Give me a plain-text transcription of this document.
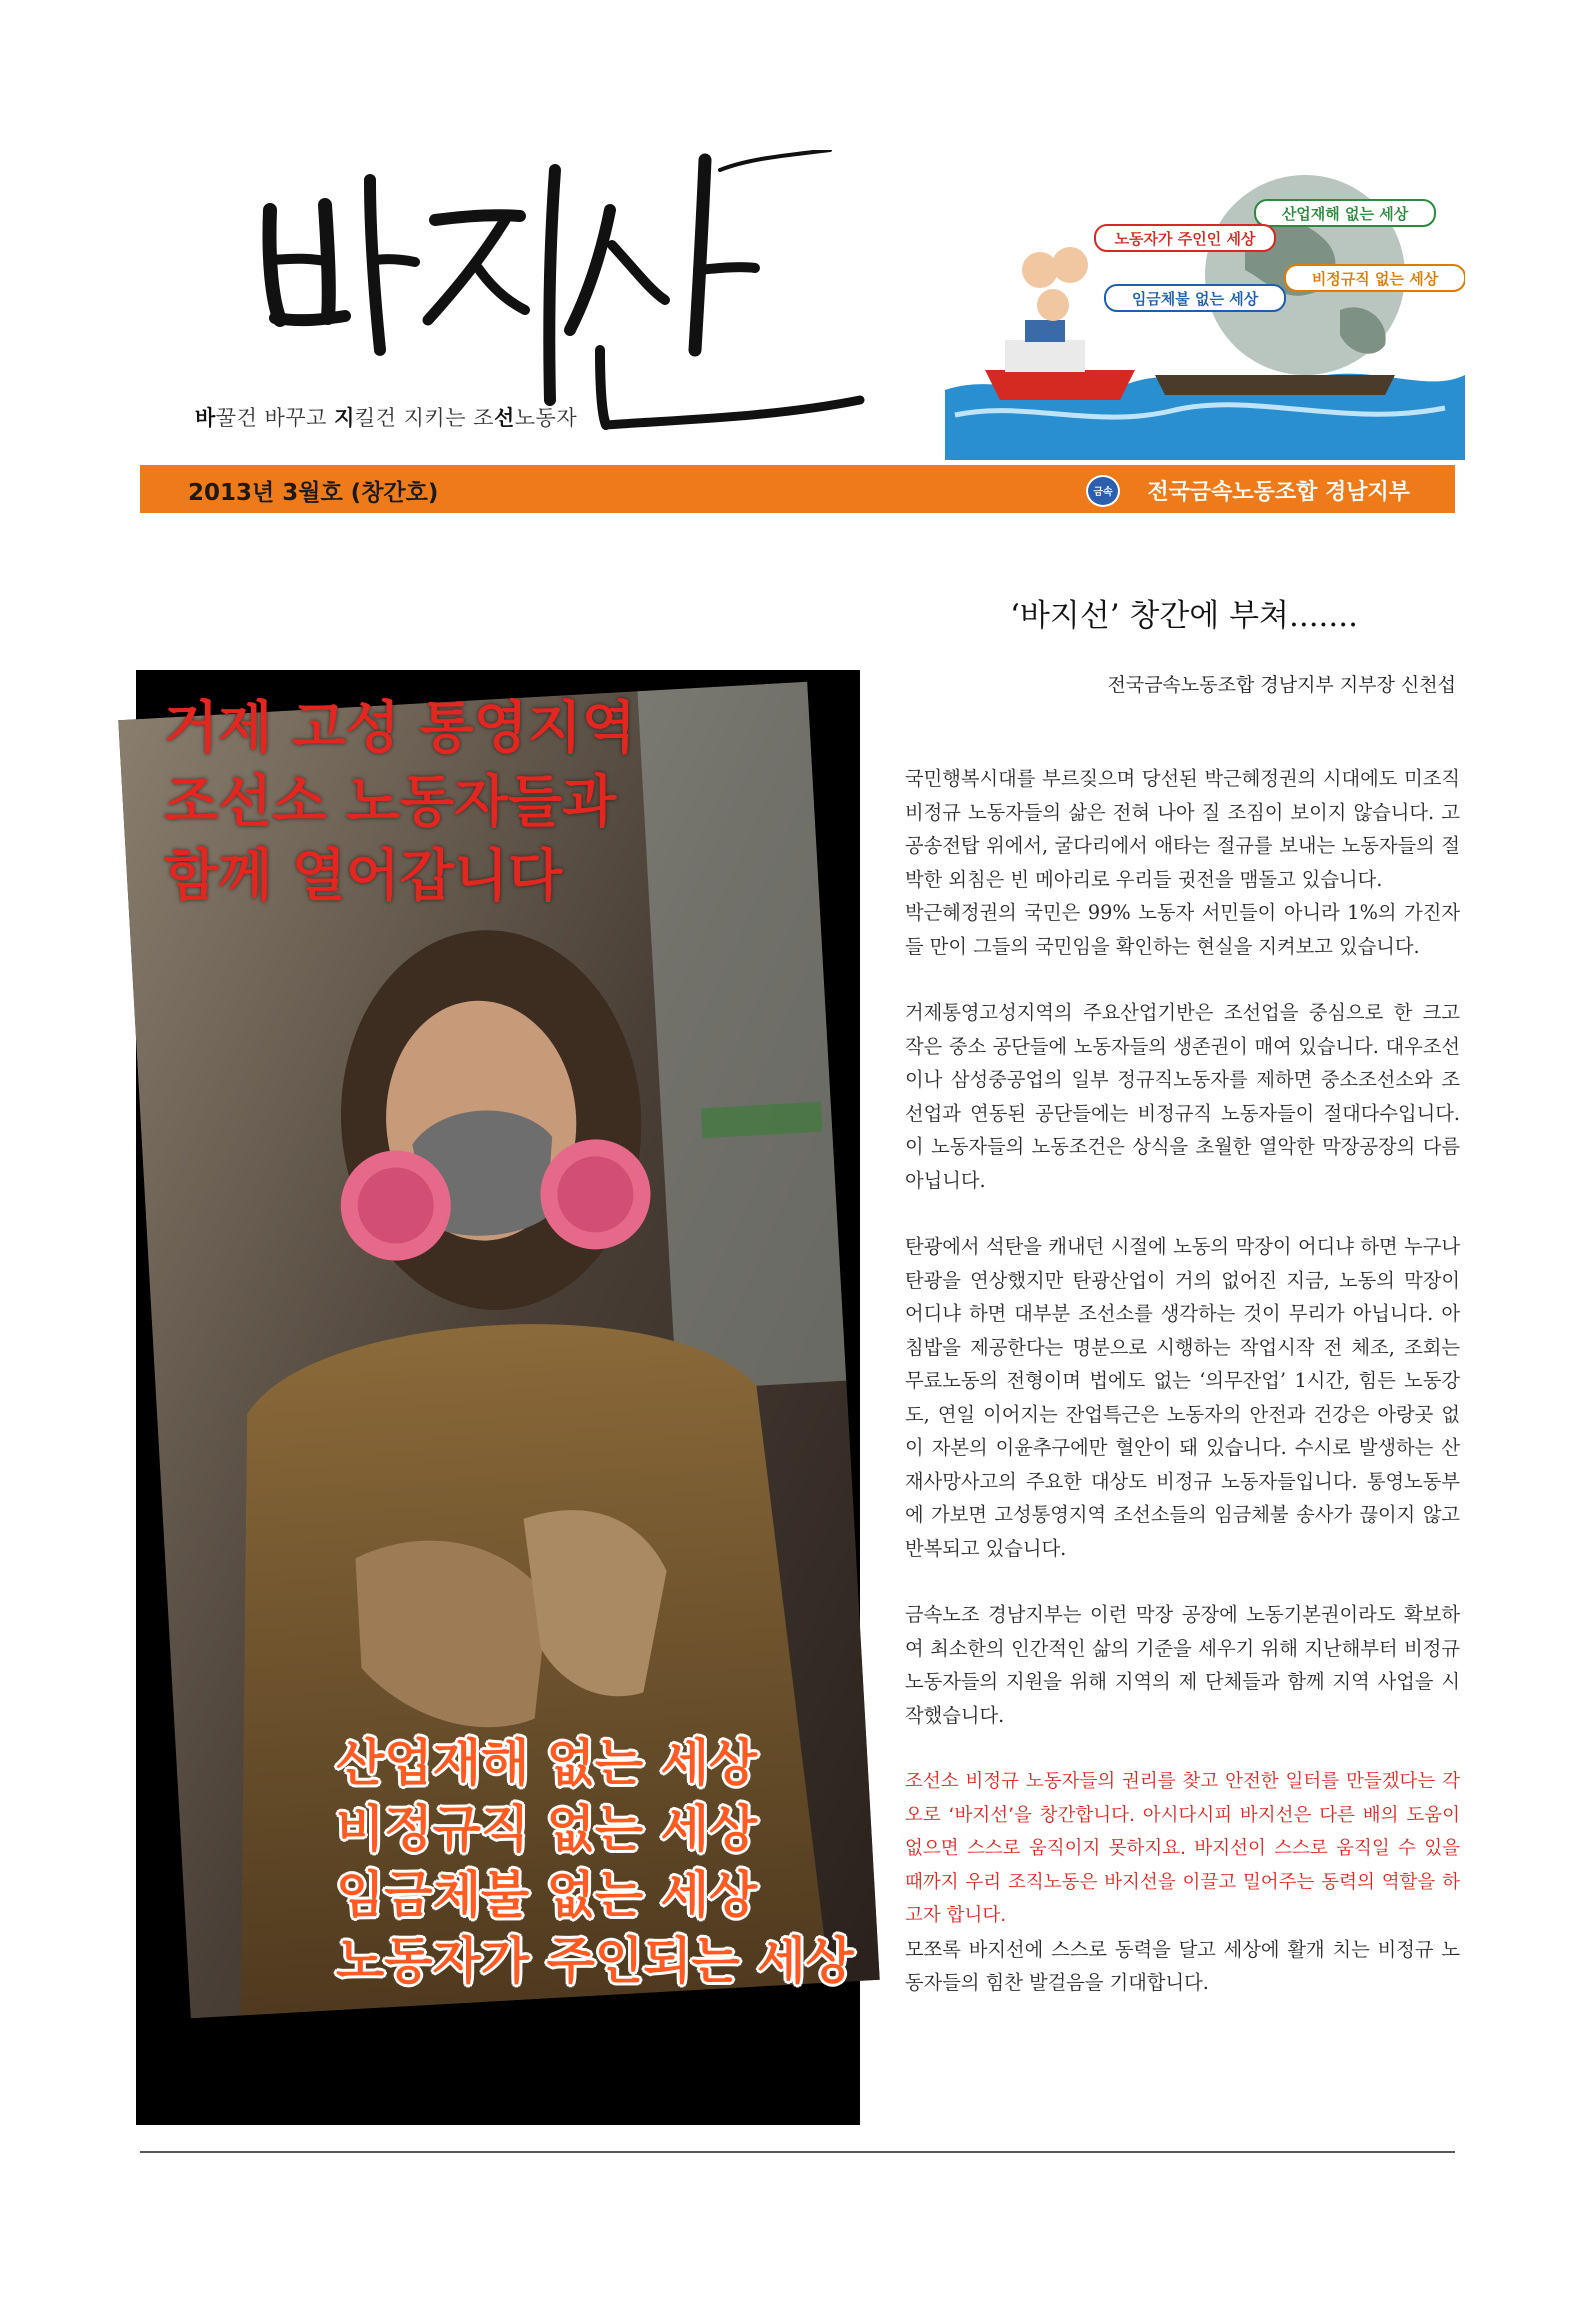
바꿀건 바꾸고 지킬건 지키는 조선노동자
산업재해 없는 세상
노동자가 주인인 세상
비정규직 없는 세상
임금체불 없는 세상
2013년 3월호 (창간호)	금속 전국금속노동조합 경남지부
거제 고성 통영지역
조선소 노동자들과
함께 열어갑니다
산업재해 없는 세상
비정규직 없는 세상
임금체불 없는 세상
노동자가 주인되는 세상
‘바지선’ 창간에 부쳐.......
전국금속노동조합 경남지부 지부장 신천섭

국민행복시대를 부르짖으며 당선된 박근혜정권의 시대에도 미조직 비정규 노동자들의 삶은 전혀 나아 질 조짐이 보이지 않습니다. 고공송전탑 위에서, 굴다리에서 애타는 절규를 보내는 노동자들의 절박한 외침은 빈 메아리로 우리들 귓전을 맴돌고 있습니다.
박근혜정권의 국민은 99% 노동자 서민들이 아니라 1%의 가진자들 만이 그들의 국민임을 확인하는 현실을 지켜보고 있습니다.

거제통영고성지역의 주요산업기반은 조선업을 중심으로 한 크고 작은 중소 공단들에 노동자들의 생존권이 매여 있습니다. 대우조선이나 삼성중공업의 일부 정규직노동자를 제하면 중소조선소와 조선업과 연동된 공단들에는 비정규직 노동자들이 절대다수입니다. 이 노동자들의 노동조건은 상식을 초월한 열악한 막장공장의 다름 아닙니다.

탄광에서 석탄을 캐내던 시절에 노동의 막장이 어디냐 하면 누구나 탄광을 연상했지만 탄광산업이 거의 없어진 지금, 노동의 막장이 어디냐 하면 대부분 조선소를 생각하는 것이 무리가 아닙니다. 아침밥을 제공한다는 명분으로 시행하는 작업시작 전 체조, 조회는 무료노동의 전형이며 법에도 없는 ‘의무잔업’ 1시간, 힘든 노동강도, 연일 이어지는 잔업특근은 노동자의 안전과 건강은 아랑곳 없이 자본의 이윤추구에만 혈안이 돼 있습니다. 수시로 발생하는 산재사망사고의 주요한 대상도 비정규 노동자들입니다. 통영노동부에 가보면 고성통영지역 조선소들의 임금체불 송사가 끊이지 않고 반복되고 있습니다.

금속노조 경남지부는 이런 막장 공장에 노동기본권이라도 확보하여 최소한의 인간적인 삶의 기준을 세우기 위해 지난해부터 비정규노동자들의 지원을 위해 지역의 제 단체들과 함께 지역 사업을 시작했습니다.

조선소 비정규 노동자들의 권리를 찾고 안전한 일터를 만들겠다는 각오로 ‘바지선’을 창간합니다. 아시다시피 바지선은 다른 배의 도움이 없으면 스스로 움직이지 못하지요. 바지선이 스스로 움직일 수 있을 때까지 우리 조직노동은 바지선을 이끌고 밀어주는 동력의 역할을 하고자 합니다.

모쪼록 바지선에 스스로 동력을 달고 세상에 활개 치는 비정규 노동자들의 힘찬 발걸음을 기대합니다.
